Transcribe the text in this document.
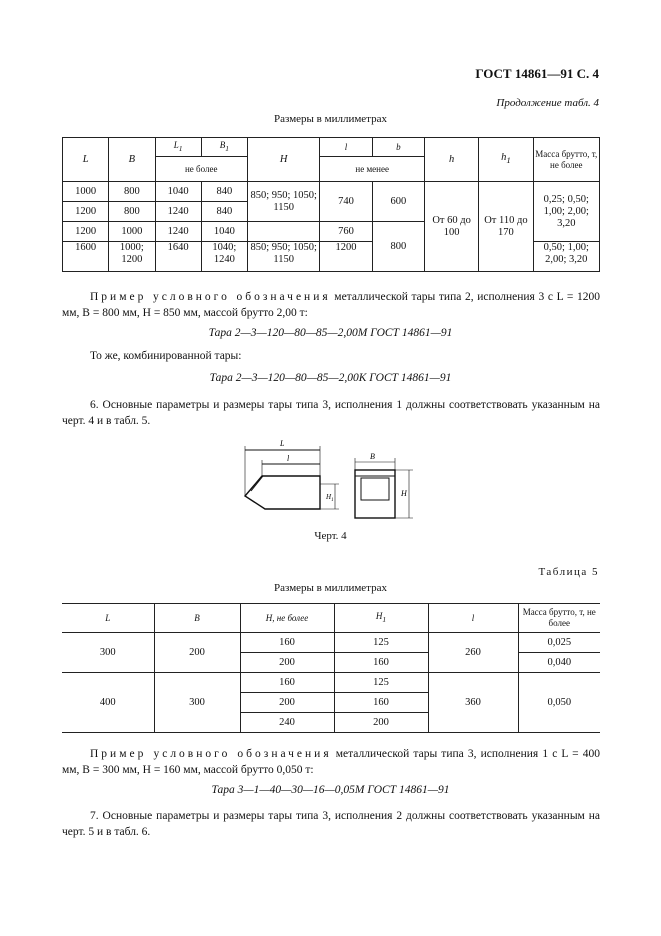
ГОСТ 14861—91 С. 4
Продолжение табл. 4
Размеры в миллиметрах
L	B	$L_1$	$B_1$	H	l	b	h	$h_1$	Масса брутто, т, не более
		не более			не менее				
1000	800	1040	840	850; 950; 1050; 1150	740	600	От 60 до 100	От 110 до 170	0,25; 0,50; 1,00; 2,00; 3,20
1200	800	1240	840						
1200	1000	1240	1040		760	800			
1600	1000; 1200	1640	1040; 1240	850; 950; 1050; 1150	1200				0,50; 1,00; 2,00; 3,20

Пример условного обозначения металлической тары типа 2, исполнения 3 с L = 1200 мм, B = 800 мм, H = 850 мм, массой брутто 2,00 т:

Тара 2—3—120—80—85—2,00М ГОСТ 14861—91

То же, комбинированной тары:

Тара 2—3—120—80—85—2,00К ГОСТ 14861—91

6. Основные параметры и размеры тары типа 3, исполнения 1 должны соответствовать указанным на черт. 4 и в табл. 5.

L
l	B
$H_1$
H
Черт. 4
Таблица 5
Размеры в миллиметрах
L	B	H, не более	$H_1$	l	Масса брутто, т, не более
300	200	160	125	260	0,025
		200	160		0,040
400	300	160	125	360	0,050
		200	160		
		240	200		

Пример условного обозначения металлической тары типа 3, исполнения 1 с L = 400 мм, B = 300 мм, H = 160 мм, массой брутто 0,050 т:

Тара 3—1—40—30—16—0,05М ГОСТ 14861—91

7. Основные параметры и размеры тары типа 3, исполнения 2 должны соответствовать указанным на черт. 5 и в табл. 6.
